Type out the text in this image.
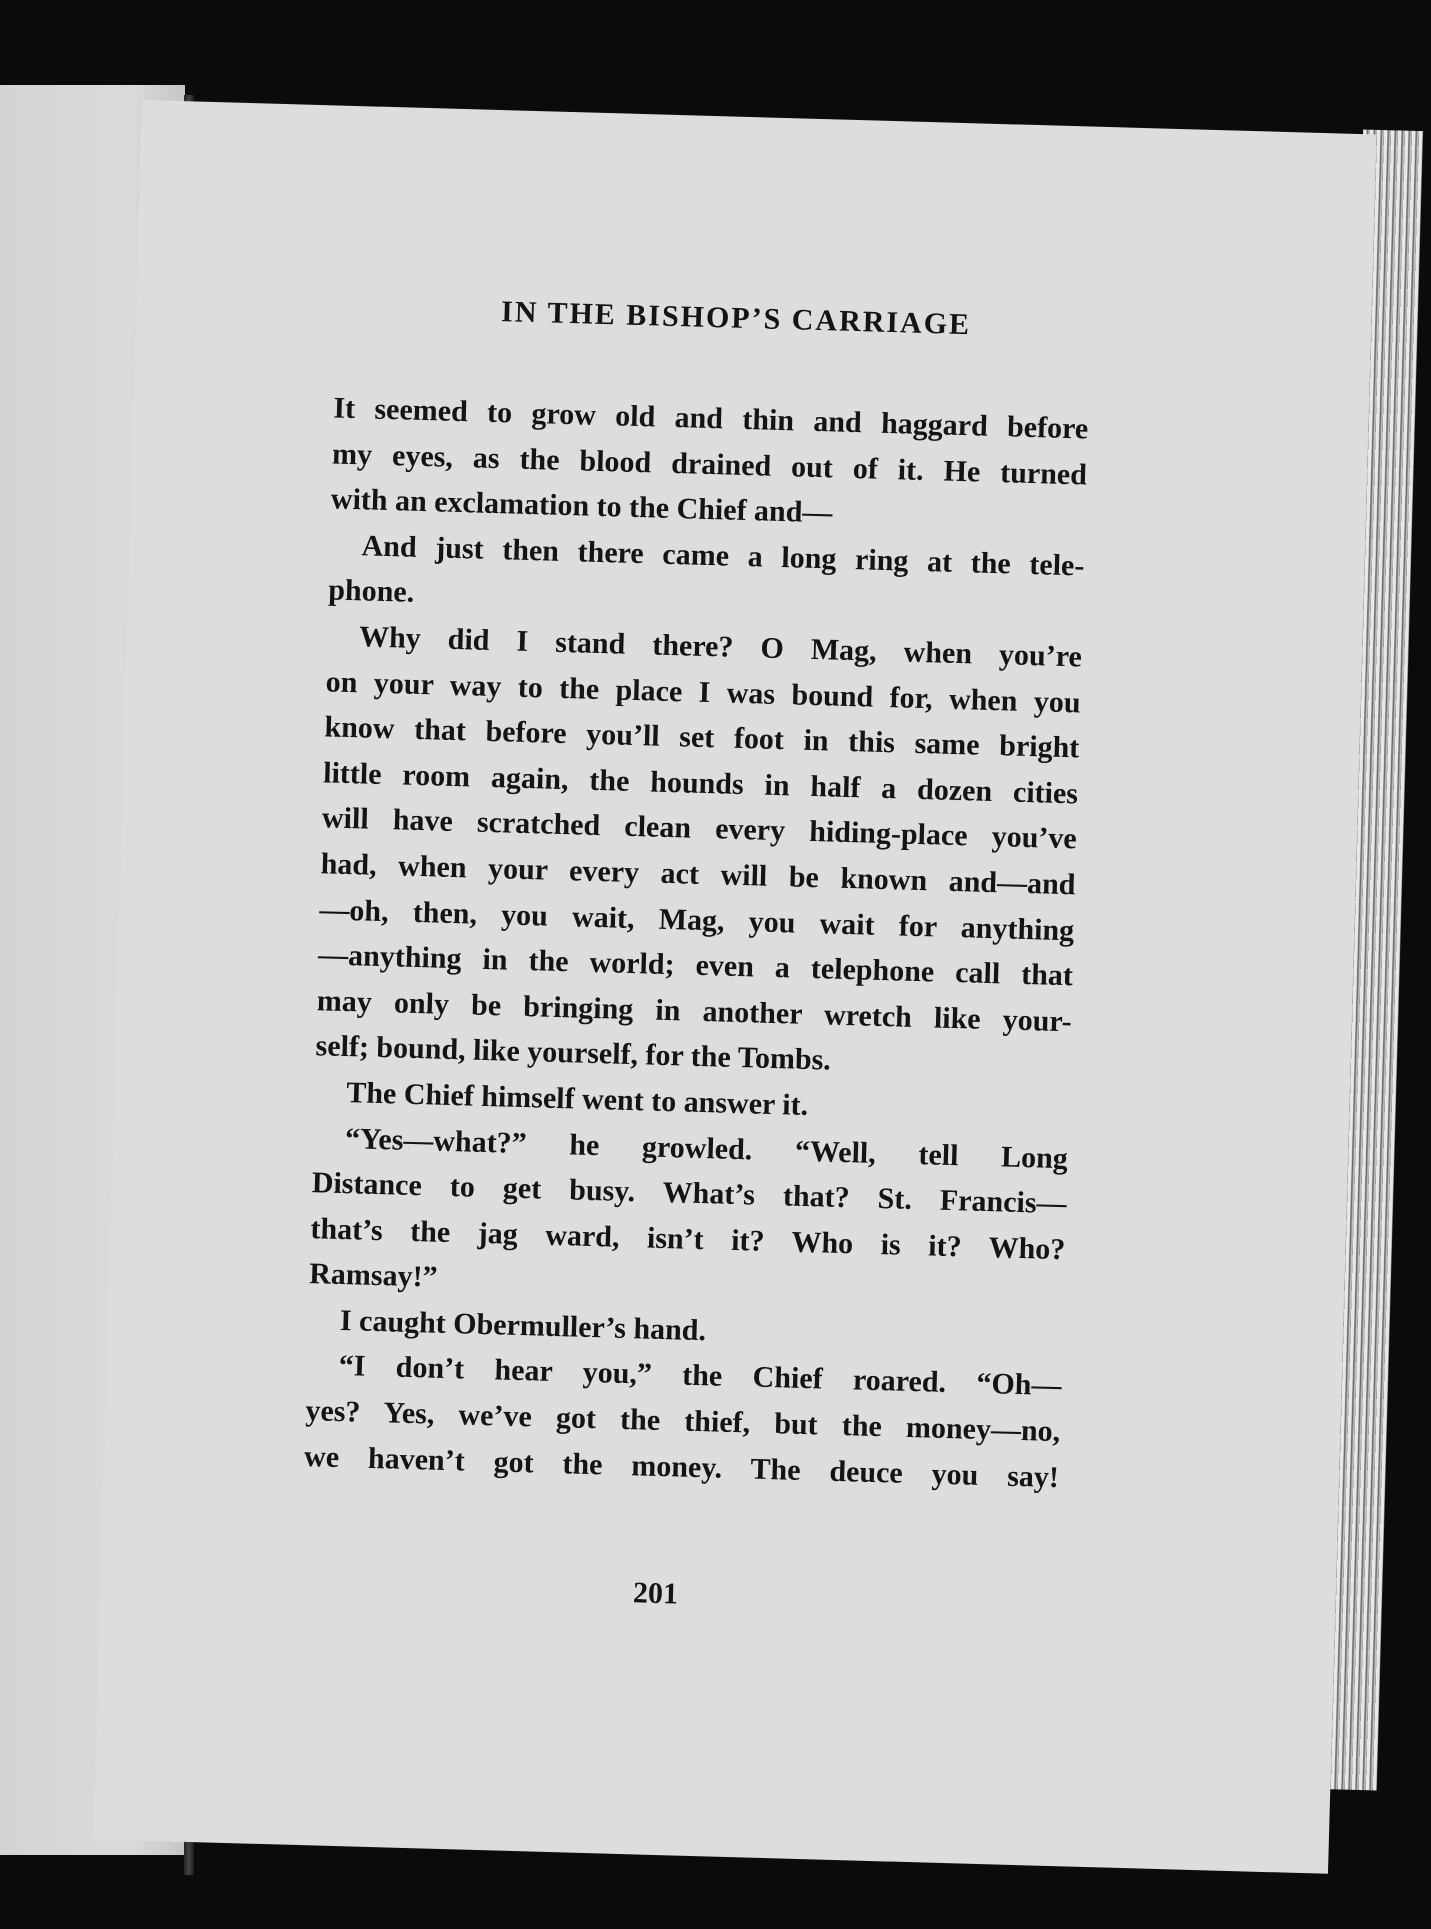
IN THE BISHOP’S CARRIAGE
It seemed to grow old and thin and haggard before
my eyes, as the blood drained out of it. He turned
with an exclamation to the Chief and—
And just then there came a long ring at the tele-
phone.
Why did I stand there? O Mag, when you’re
on your way to the place I was bound for, when you
know that before you’ll set foot in this same bright
little room again, the hounds in half a dozen cities
will have scratched clean every hiding-place you’ve
had, when your every act will be known and—and
—oh, then, you wait, Mag, you wait for anything
—anything in the world; even a telephone call that
may only be bringing in another wretch like your-
self; bound, like yourself, for the Tombs.
The Chief himself went to answer it.
“Yes—what?” he growled. “Well, tell Long
Distance to get busy. What’s that? St. Francis—
that’s the jag ward, isn’t it? Who is it? Who?
Ramsay!”
I caught Obermuller’s hand.
“I don’t hear you,” the Chief roared. “Oh—
yes? Yes, we’ve got the thief, but the money—no,
we haven’t got the money. The deuce you say!
201
